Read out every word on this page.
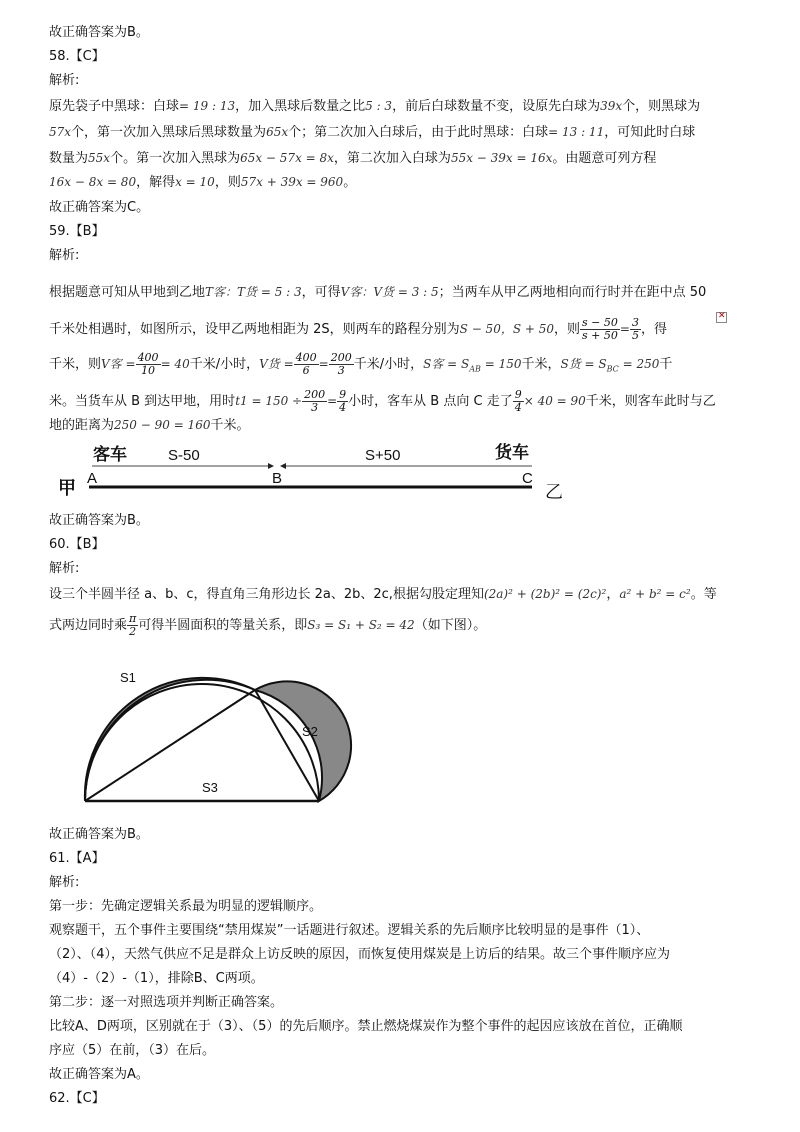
故正确答案为B。
58.【C】
解析:
原先袋子中黑球：白球= 19 : 13，加入黑球后数量之比5 : 3，前后白球数量不变，设原先白球为39x个，则黑球为
57x个，第一次加入黑球后黑球数量为65x个；第二次加入白球后，由于此时黑球：白球= 13 : 11，可知此时白球
数量为55x个。第一次加入黑球为65x − 57x = 8x，第二次加入白球为55x − 39x = 16x。由题意可列方程
16x − 8x = 80，解得x = 10，则57x + 39x = 960。
故正确答案为C。
59.【B】
解析:
根据题意可知从甲地到乙地T客：T货 = 5 : 3，可得V客：V货 = 3 : 5；当两车从甲乙两地相向而行时并在距中点 50
千米处相遇时，如图所示，设甲乙两地相距为 2S，则两车的路程分别为S − 50，S + 50，则 $\frac{s - 50}{s + 50} = \frac{3}{5}$ ，得
✕
千米，则V客 = $\frac{400}{10} = 40$千米/小时，V货 = $\frac{400}{6} = \frac{200}{3}$ 千米/小时，S客 = $S_{AB} = 150$千米，S货 = $S_{BC} = 250$千
米。当货车从 B 到达甲地，用时$t1 = 150 \div \frac{200}{3} = \frac{9}{4}$ 小时，客车从 B 点向 C 走了 $\frac{9}{4} \times 40 = 90$千米，则客车此时与乙
地的距离为250 − 90 = 160千米。
客车	S-50	S+50	货车
A	B	C
甲	乙
故正确答案为B。
60.【B】
解析:
设三个半圆半径 a、b、c，得直角三角形边长 2a、2b、2c,根据勾股定理知(2a)² + (2b)² = (2c)²，a² + b² = c²。等
式两边同时乘 $\frac{\pi}{2}$ 可得半圆面积的等量关系，即S₃ = S₁ + S₂ = 42（如下图）。
S1
S2
S3
故正确答案为B。
61.【A】
解析:
第一步：先确定逻辑关系最为明显的逻辑顺序。
观察题干，五个事件主要围绕“禁用煤炭”一话题进行叙述。逻辑关系的先后顺序比较明显的是事件（1）、
（2）、（4），天然气供应不足是群众上访反映的原因，而恢复使用煤炭是上访后的结果。故三个事件顺序应为
（4）-（2）-（1），排除B、C两项。
第二步：逐一对照选项并判断正确答案。
比较A、D两项，区别就在于（3）、（5）的先后顺序。禁止燃烧煤炭作为整个事件的起因应该放在首位，正确顺
序应（5）在前，（3）在后。
故正确答案为A。
62.【C】
